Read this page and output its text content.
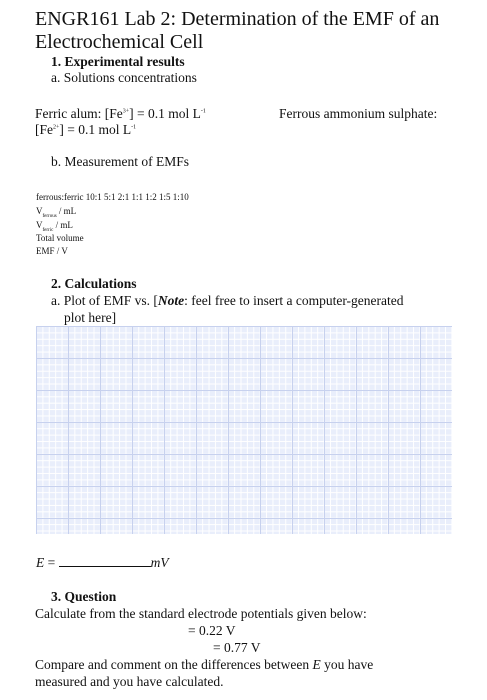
ENGR161 Lab 2: Determination of the EMF of an
Electrochemical Cell
1. Experimental results
a. Solutions concentrations
Ferric alum: $[Fe^{3+}] = 0.1$ mol $L^{-1}$	Ferrous ammonium sulphate:
$[Fe^{2+}] = 0.1$ mol $L^{-1}$
b. Measurement of EMFs
ferrous:ferric 10:1 5:1 2:1 1:1 1:2 1:5 1:10
$V_{ferrous}$ / mL
$V_{ferric}$ / mL
Total volume
EMF / V
2. Calculations
a. Plot of EMF vs. [Note: feel free to insert a computer-generated
plot here]
E =	mV
3. Question
Calculate from the standard electrode potentials given below:
= 0.22 V
= 0.77 V
Compare and comment on the differences between E you have
measured and you have calculated.
